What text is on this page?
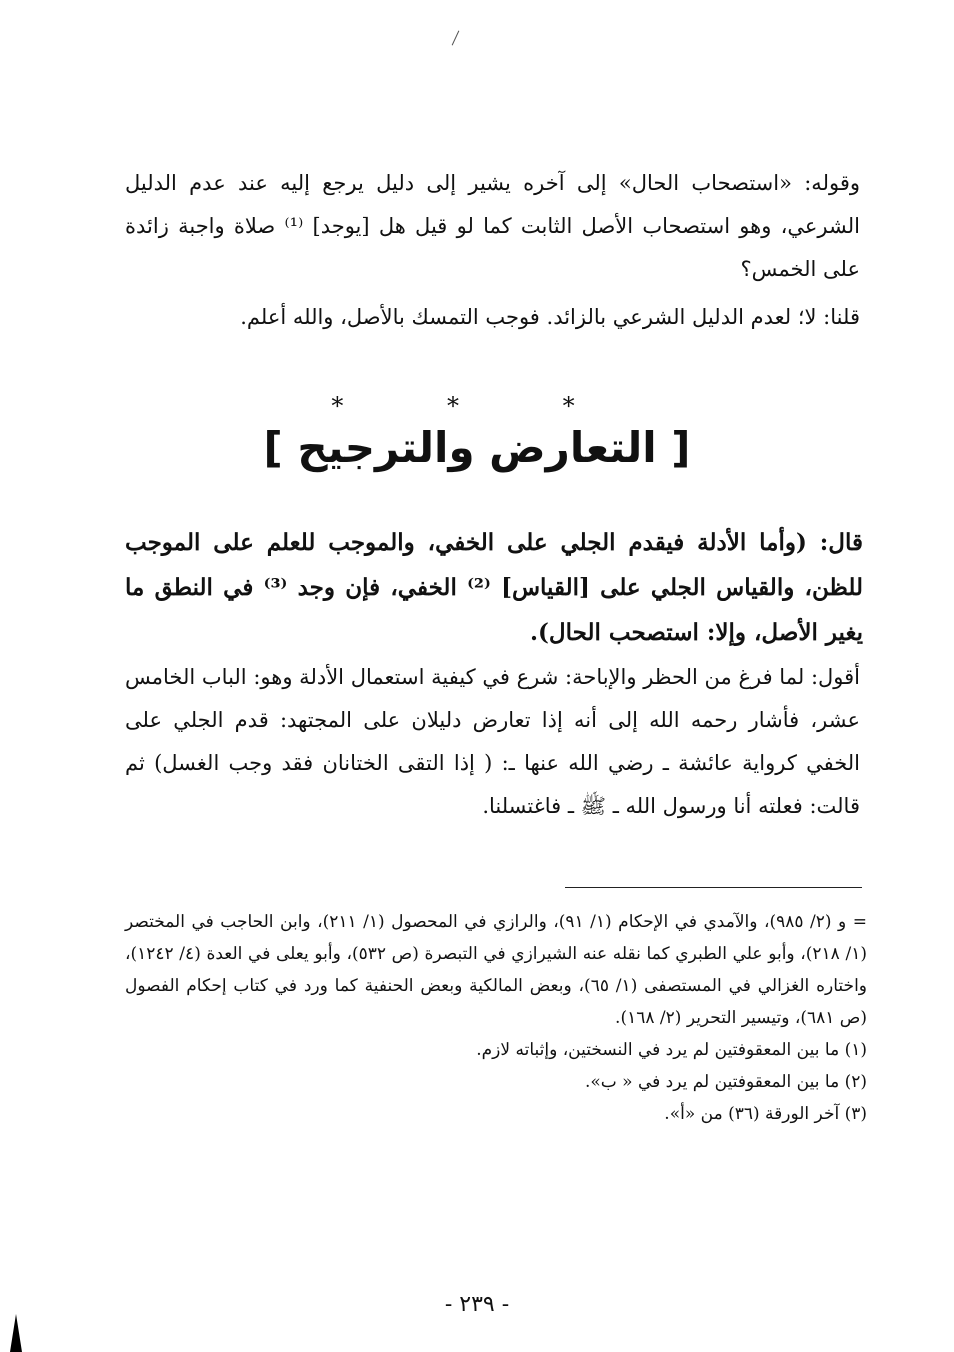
وقوله: «استصحاب الحال» إلى آخره يشير إلى دليل يرجع إليه عند عدم الدليل الشرعي، وهو استصحاب الأصل الثابت كما لو قيل هل [يوجد] ⁽¹⁾ صلاة واجبة زائدة على الخمس؟

قلنا: لا؛ لعدم الدليل الشرعي بالزائد. فوجب التمسك بالأصل، والله أعلم.

* * *
[ التعارض والترجيح ]
قال: (وأما الأدلة فيقدم الجلي على الخفي، والموجب للعلم على الموجب للظن، والقياس الجلي على [القياس] ⁽²⁾ الخفي، فإن وجد ⁽³⁾ في النطق ما يغير الأصل، وإلا: استصحب الحال).

أقول: لما فرغ من الحظر والإباحة: شرع في كيفية استعمال الأدلة وهو: الباب الخامس عشر، فأشار رحمه الله إلى أنه إذا تعارض دليلان على المجتهد: قدم الجلي على الخفي كرواية عائشة ـ رضي الله عنها ـ: ( إذا التقى الختانان فقد وجب الغسل) ثم قالت: فعلته أنا ورسول الله ـ ﷺ ـ فاغتسلنا.

= و (٢/ ٩٨٥)، والآمدي في الإحكام (١/ ٩١)، والرازي في المحصول (١/ ٢١١)، وابن الحاجب في المختصر (١/ ٢١٨)، وأبو علي الطبري كما نقله عنه الشيرازي في التبصرة (ص ٥٣٢)، وأبو يعلى في العدة (٤/ ١٢٤٢)، واختاره الغزالي في المستصفى (١/ ٦٥)، وبعض المالكية وبعض الحنفية كما ورد في كتاب إحكام الفصول (ص ٦٨١)، وتيسير التحرير (٢/ ١٦٨).

(١) ما بين المعقوفتين لم يرد في النسختين، وإثباته لازم.

(٢) ما بين المعقوفتين لم يرد في « ب».

(٣) آخر الورقة (٣٦) من «أ».

- ٢٣٩ -
